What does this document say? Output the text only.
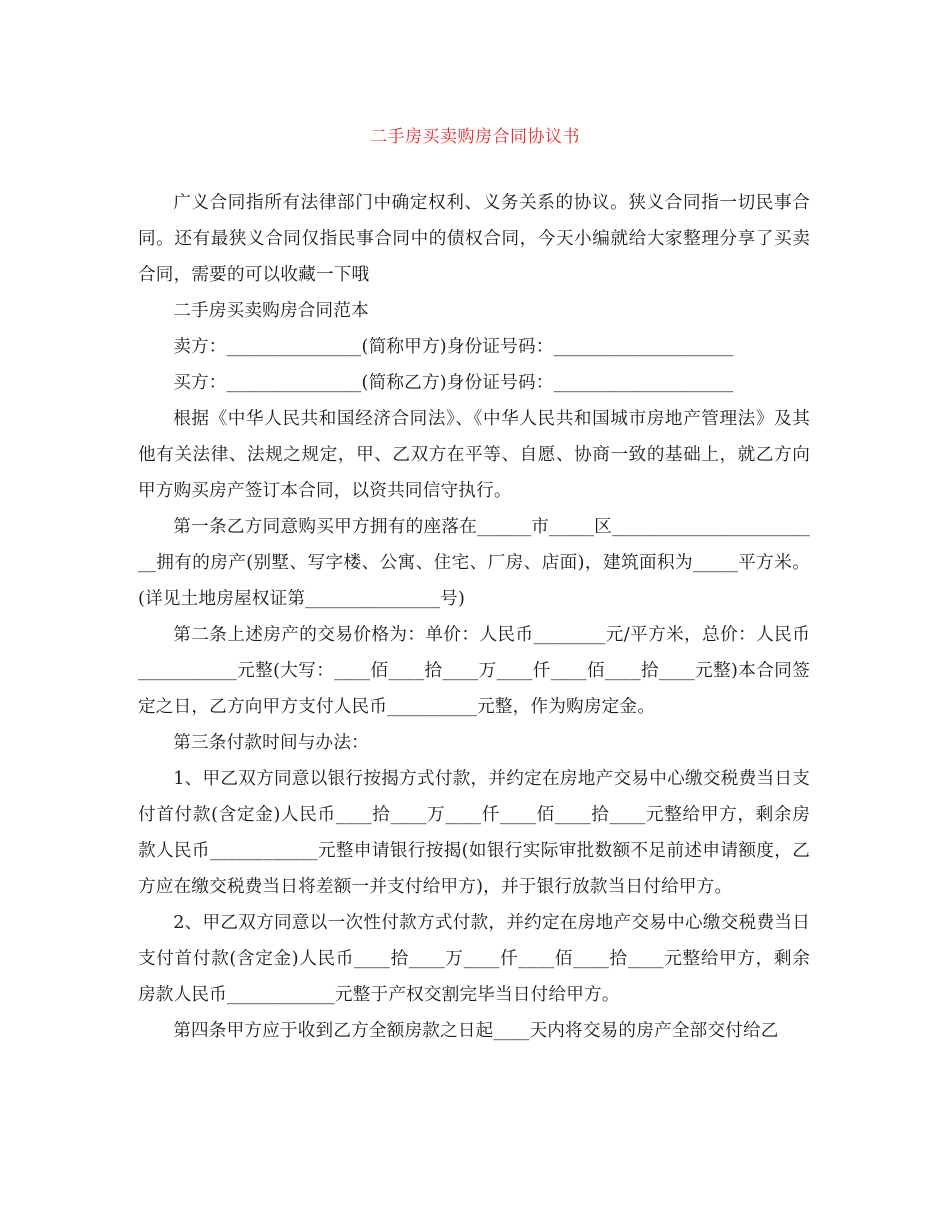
二手房买卖购房合同协议书

广义合同指所有法律部门中确定权利、义务关系的协议。狭义合同指一切民事合同。还有最狭义合同仅指民事合同中的债权合同，今天小编就给大家整理分享了买卖合同，需要的可以收藏一下哦

二手房买卖购房合同范本

卖方：_______________(简称甲方)身份证号码：____________________

买方：_______________(简称乙方)身份证号码：____________________

根据《中华人民共和国经济合同法》、《中华人民共和国城市房地产管理法》及其他有关法律、法规之规定，甲、乙双方在平等、自愿、协商一致的基础上，就乙方向甲方购买房产签订本合同，以资共同信守执行。

第一条乙方同意购买甲方拥有的座落在______市_____区________________________拥有的房产(别墅、写字楼、公寓、住宅、厂房、店面)，建筑面积为_____平方米。(详见土地房屋权证第_______________号)

第二条上述房产的交易价格为：单价：人民币________元/平方米，总价：人民币___________元整(大写：____佰____拾____万____仟____佰____拾____元整)本合同签定之日，乙方向甲方支付人民币__________元整，作为购房定金。

第三条付款时间与办法：

1、甲乙双方同意以银行按揭方式付款，并约定在房地产交易中心缴交税费当日支付首付款(含定金)人民币____拾____万____仟____佰____拾____元整给甲方，剩余房款人民币____________元整申请银行按揭(如银行实际审批数额不足前述申请额度，乙方应在缴交税费当日将差额一并支付给甲方)，并于银行放款当日付给甲方。

2、甲乙双方同意以一次性付款方式付款，并约定在房地产交易中心缴交税费当日支付首付款(含定金)人民币____拾____万____仟____佰____拾____元整给甲方，剩余房款人民币____________元整于产权交割完毕当日付给甲方。

第四条甲方应于收到乙方全额房款之日起____天内将交易的房产全部交付给乙
